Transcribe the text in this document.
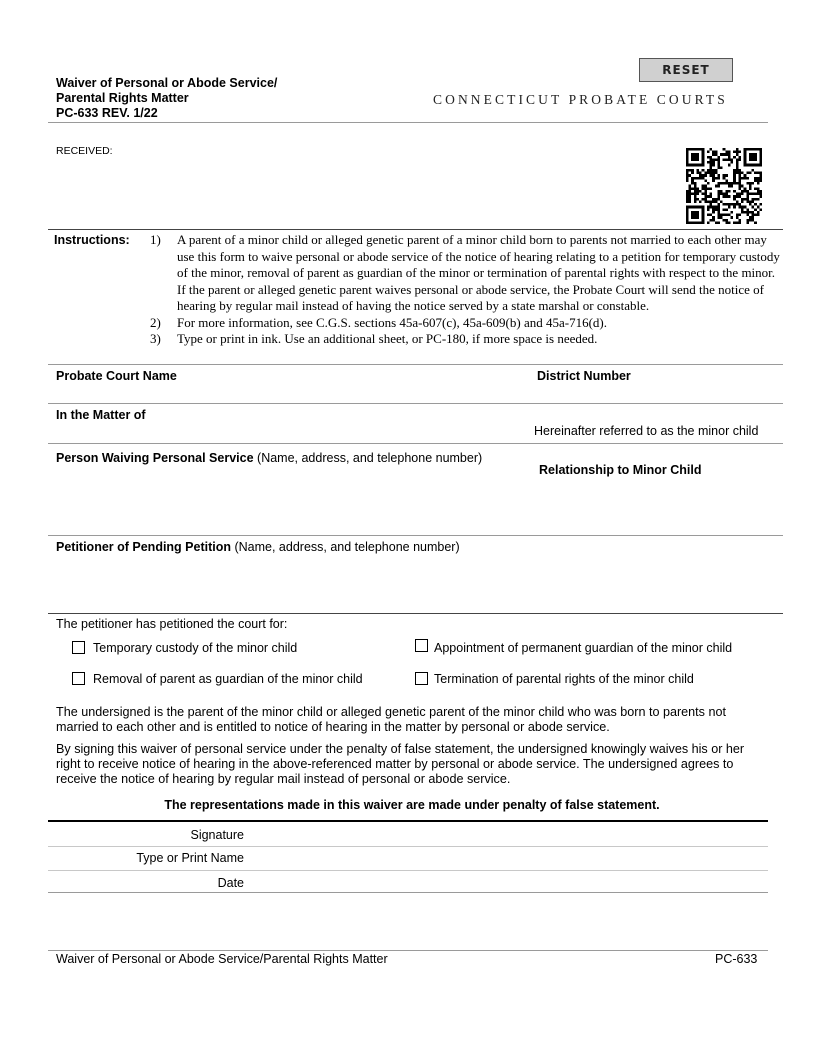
Waiver of Personal or Abode Service/
Parental Rights Matter
PC-633 REV. 1/22
RESET
CONNECTICUT PROBATE COURTS
RECEIVED:
Instructions: 1) A parent of a minor child or alleged genetic parent of a minor child born to parents not married to each other may use this form to waive personal or abode service of the notice of hearing relating to a petition for temporary custody of the minor, removal of parent as guardian of the minor or termination of parental rights with respect to the minor. If the parent or alleged genetic parent waives personal or abode service, the Probate Court will send the notice of hearing by regular mail instead of having the notice served by a state marshal or constable.
2) For more information, see C.G.S. sections 45a-607(c), 45a-609(b) and 45a-716(d).
3) Type or print in ink. Use an additional sheet, or PC-180, if more space is needed.
Probate Court Name	District Number
In the Matter of
Hereinafter referred to as the minor child
Person Waiving Personal Service (Name, address, and telephone number)
Relationship to Minor Child
Petitioner of Pending Petition (Name, address, and telephone number)
The petitioner has petitioned the court for:
Temporary custody of the minor child	Appointment of permanent guardian of the minor child
Removal of parent as guardian of the minor child	Termination of parental rights of the minor child
The undersigned is the parent of the minor child or alleged genetic parent of the minor child who was born to parents not married to each other and is entitled to notice of hearing in the matter by personal or abode service.
By signing this waiver of personal service under the penalty of false statement, the undersigned knowingly waives his or her right to receive notice of hearing in the above-referenced matter by personal or abode service. The undersigned agrees to receive the notice of hearing by regular mail instead of personal or abode service.
The representations made in this waiver are made under penalty of false statement.
Signature
Type or Print Name
Date
Waiver of Personal or Abode Service/Parental Rights Matter	PC-633
